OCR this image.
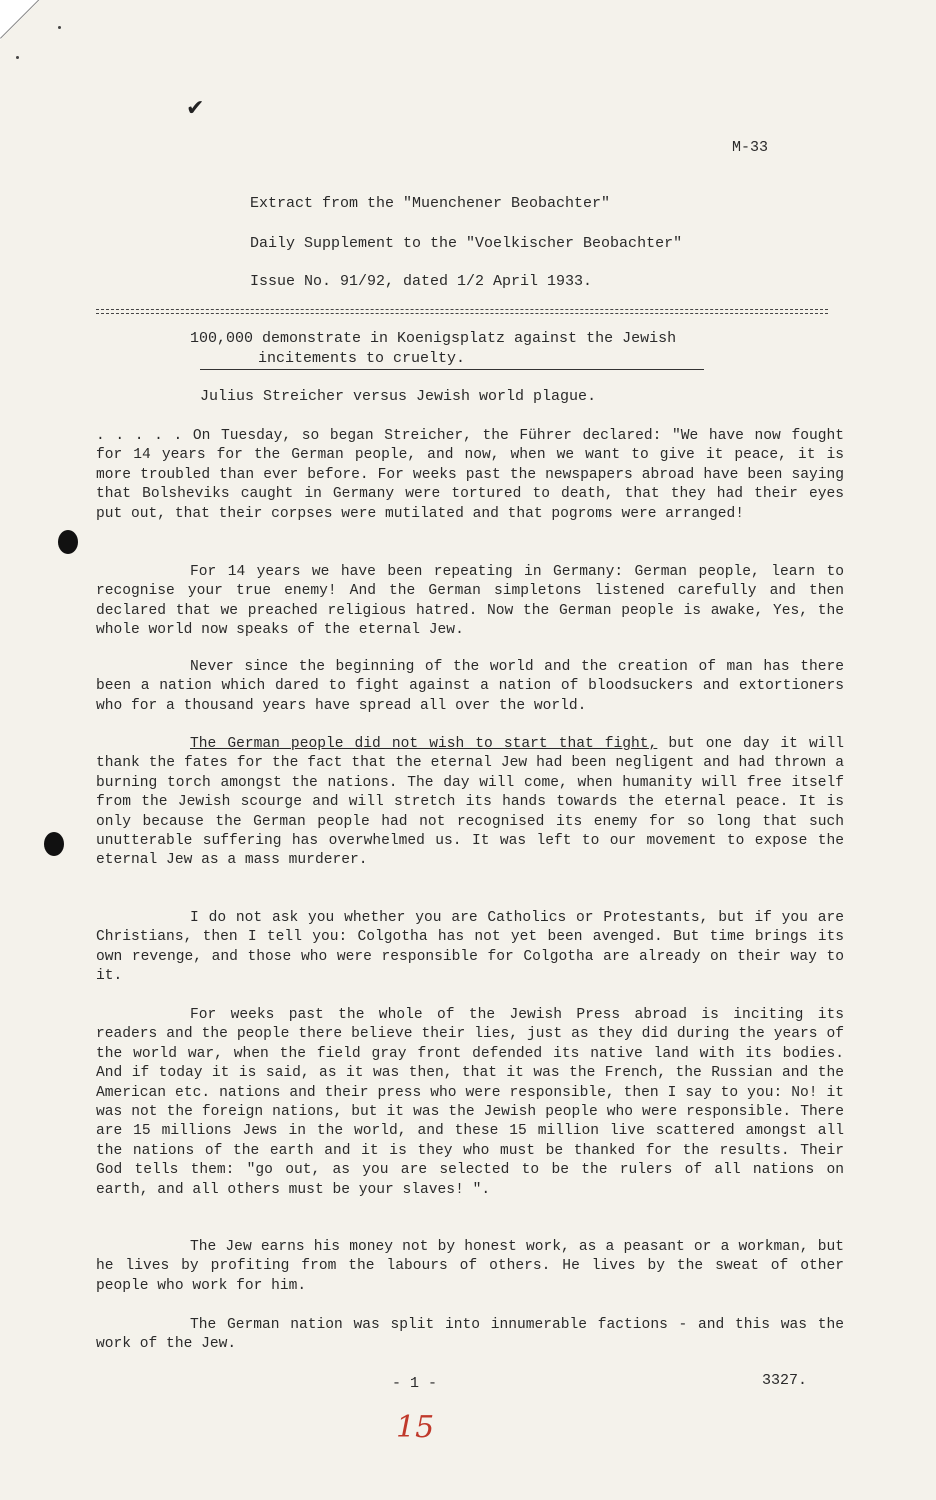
✔
M-33
Extract from the "Muenchener Beobachter"
Daily Supplement to the "Voelkischer Beobachter"
Issue No. 91/92, dated 1/2 April 1933.
100,000 demonstrate in Koenigsplatz against the Jewish
incitements to cruelty.
Julius Streicher versus Jewish world plague.
. . . . . On Tuesday, so began Streicher, the Führer declared: "We have now fought for 14 years for the German people, and now, when we want to give it peace, it is more troubled than ever before. For weeks past the newspapers abroad have been saying that Bolsheviks caught in Germany were tortured to death, that they had their eyes put out, that their corpses were mutilated and that pogroms were arranged!
For 14 years we have been repeating in Germany: German people, learn to recognise your true enemy! And the German simpletons listened carefully and then declared that we preached religious hatred. Now the German people is awake, Yes, the whole world now speaks of the eternal Jew.
Never since the beginning of the world and the creation of man has there been a nation which dared to fight against a nation of bloodsuckers and extortioners who for a thousand years have spread all over the world.
The German people did not wish to start that fight, but one day it will thank the fates for the fact that the eternal Jew had been negligent and had thrown a burning torch amongst the nations. The day will come, when humanity will free itself from the Jewish scourge and will stretch its hands towards the eternal peace. It is only because the German people had not recognised its enemy for so long that such unutterable suffering has overwhelmed us. It was left to our movement to expose the eternal Jew as a mass murderer.
I do not ask you whether you are Catholics or Protestants, but if you are Christians, then I tell you: Colgotha has not yet been avenged. But time brings its own revenge, and those who were responsible for Colgotha are already on their way to it.
For weeks past the whole of the Jewish Press abroad is inciting its readers and the people there believe their lies, just as they did during the years of the world war, when the field gray front defended its native land with its bodies. And if today it is said, as it was then, that it was the French, the Russian and the American etc. nations and their press who were responsible, then I say to you: No! it was not the foreign nations, but it was the Jewish people who were responsible. There are 15 millions Jews in the world, and these 15 million live scattered amongst all the nations of the earth and it is they who must be thanked for the results. Their God tells them: "go out, as you are selected to be the rulers of all nations on earth, and all others must be your slaves! ".
The Jew earns his money not by honest work, as a peasant or a workman, but he lives by profiting from the labours of others. He lives by the sweat of other people who work for him.
The German nation was split into innumerable factions - and this was the work of the Jew.
- 1 -	3327.
15
